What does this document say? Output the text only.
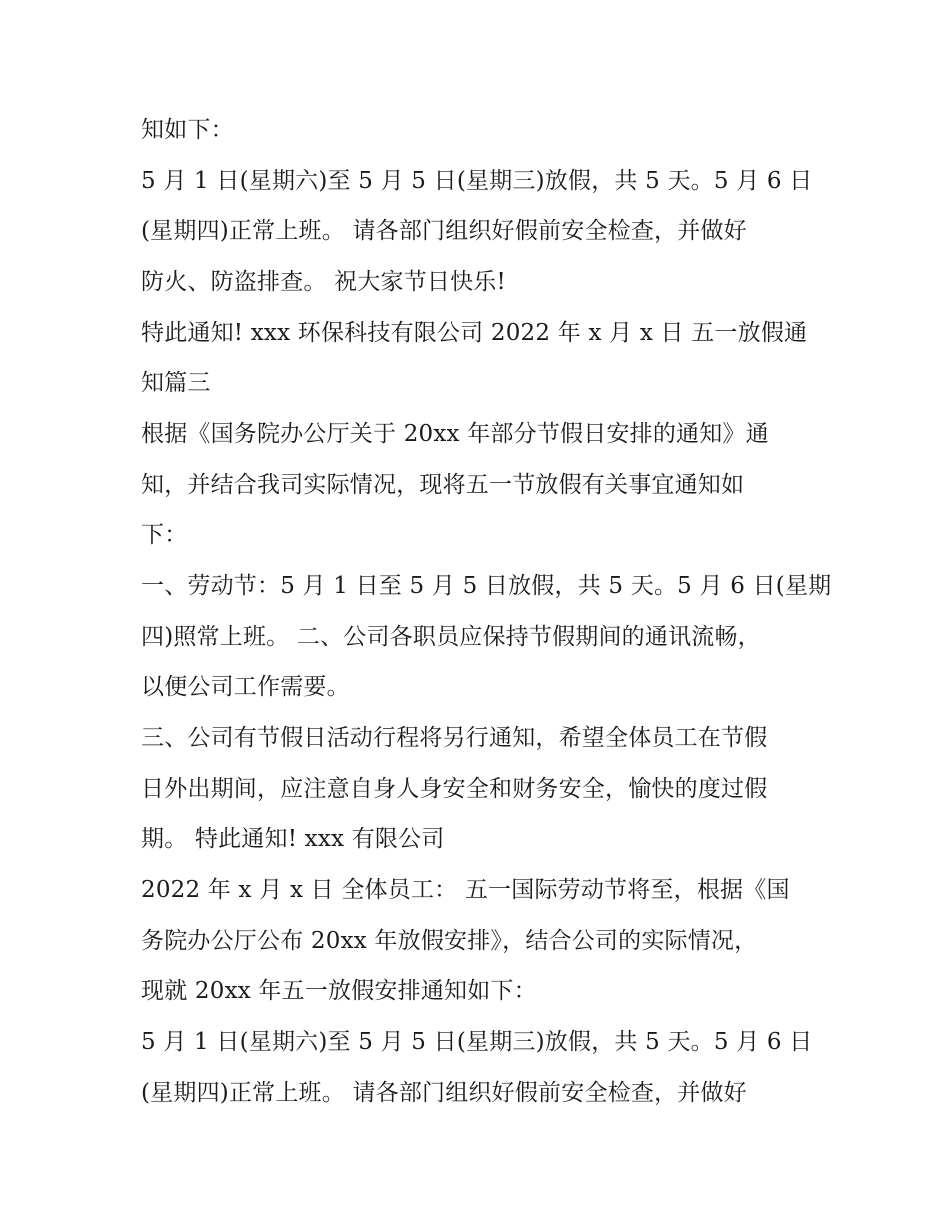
知如下：
5 月 1 日(星期六)至 5 月 5 日(星期三)放假，共 5 天。5 月 6 日
(星期四)正常上班。 请各部门组织好假前安全检查，并做好
防火、防盗排查。 祝大家节日快乐!
特此通知! xxx 环保科技有限公司 2022 年 x 月 x 日 五一放假通
知篇三
根据《国务院办公厅关于 20xx 年部分节假日安排的通知》通
知，并结合我司实际情况，现将五一节放假有关事宜通知如
下：
一、劳动节：5 月 1 日至 5 月 5 日放假，共 5 天。5 月 6 日(星期
四)照常上班。 二、公司各职员应保持节假期间的通讯流畅，
以便公司工作需要。
三、公司有节假日活动行程将另行通知，希望全体员工在节假
日外出期间，应注意自身人身安全和财务安全，愉快的度过假
期。 特此通知! xxx 有限公司
2022 年 x 月 x 日 全体员工： 五一国际劳动节将至，根据《国
务院办公厅公布 20xx 年放假安排》，结合公司的实际情况，
现就 20xx 年五一放假安排通知如下：
5 月 1 日(星期六)至 5 月 5 日(星期三)放假，共 5 天。5 月 6 日
(星期四)正常上班。 请各部门组织好假前安全检查，并做好
